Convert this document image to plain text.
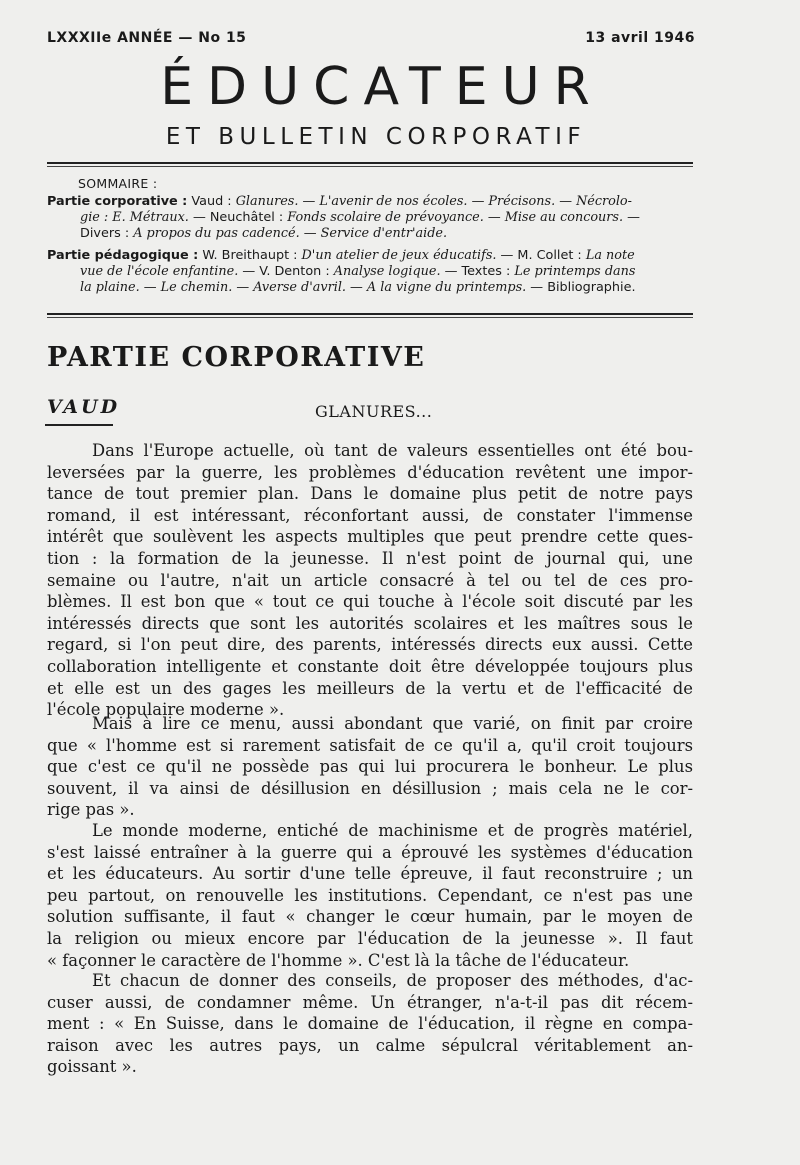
LXXXIIe ANNÉE — No 15	13 avril 1946
ÉDUCATEUR
ET BULLETIN CORPORATIF
SOMMAIRE :
Partie corporative : Vaud : Glanures. — L'avenir de nos écoles. — Précisons. — Nécrolo-
gie : E. Métraux. — Neuchâtel : Fonds scolaire de prévoyance. — Mise au concours. —
Divers : A propos du pas cadencé. — Service d'entr'aide.
Partie pédagogique : W. Breithaupt : D'un atelier de jeux éducatifs. — M. Collet : La note
vue de l'école enfantine. — V. Denton : Analyse logique. — Textes : Le printemps dans
la plaine. — Le chemin. — Averse d'avril. — A la vigne du printemps. — Bibliographie.
PARTIE CORPORATIVE
VAUD	GLANURES...
Dans l'Europe actuelle, où tant de valeurs essentielles ont été bou-
leversées par la guerre, les problèmes d'éducation revêtent une impor-
tance de tout premier plan. Dans le domaine plus petit de notre pays
romand, il est intéressant, réconfortant aussi, de constater l'immense
intérêt que soulèvent les aspects multiples que peut prendre cette ques-
tion : la formation de la jeunesse. Il n'est point de journal qui, une
semaine ou l'autre, n'ait un article consacré à tel ou tel de ces pro-
blèmes. Il est bon que « tout ce qui touche à l'école soit discuté par les
intéressés directs que sont les autorités scolaires et les maîtres sous le
regard, si l'on peut dire, des parents, intéressés directs eux aussi. Cette
collaboration intelligente et constante doit être développée toujours plus
et elle est un des gages les meilleurs de la vertu et de l'efficacité de
l'école populaire moderne ».
Mais à lire ce menu, aussi abondant que varié, on finit par croire
que « l'homme est si rarement satisfait de ce qu'il a, qu'il croit toujours
que c'est ce qu'il ne possède pas qui lui procurera le bonheur. Le plus
souvent, il va ainsi de désillusion en désillusion ; mais cela ne le cor-
rige pas ».
Le monde moderne, entiché de machinisme et de progrès matériel,
s'est laissé entraîner à la guerre qui a éprouvé les systèmes d'éducation
et les éducateurs. Au sortir d'une telle épreuve, il faut reconstruire ; un
peu partout, on renouvelle les institutions. Cependant, ce n'est pas une
solution suffisante, il faut « changer le cœur humain, par le moyen de
la religion ou mieux encore par l'éducation de la jeunesse ». Il faut
« façonner le caractère de l'homme ». C'est là la tâche de l'éducateur.
Et chacun de donner des conseils, de proposer des méthodes, d'ac-
cuser aussi, de condamner même. Un étranger, n'a-t-il pas dit récem-
ment : « En Suisse, dans le domaine de l'éducation, il règne en compa-
raison avec les autres pays, un calme sépulcral véritablement an-
goissant ».
